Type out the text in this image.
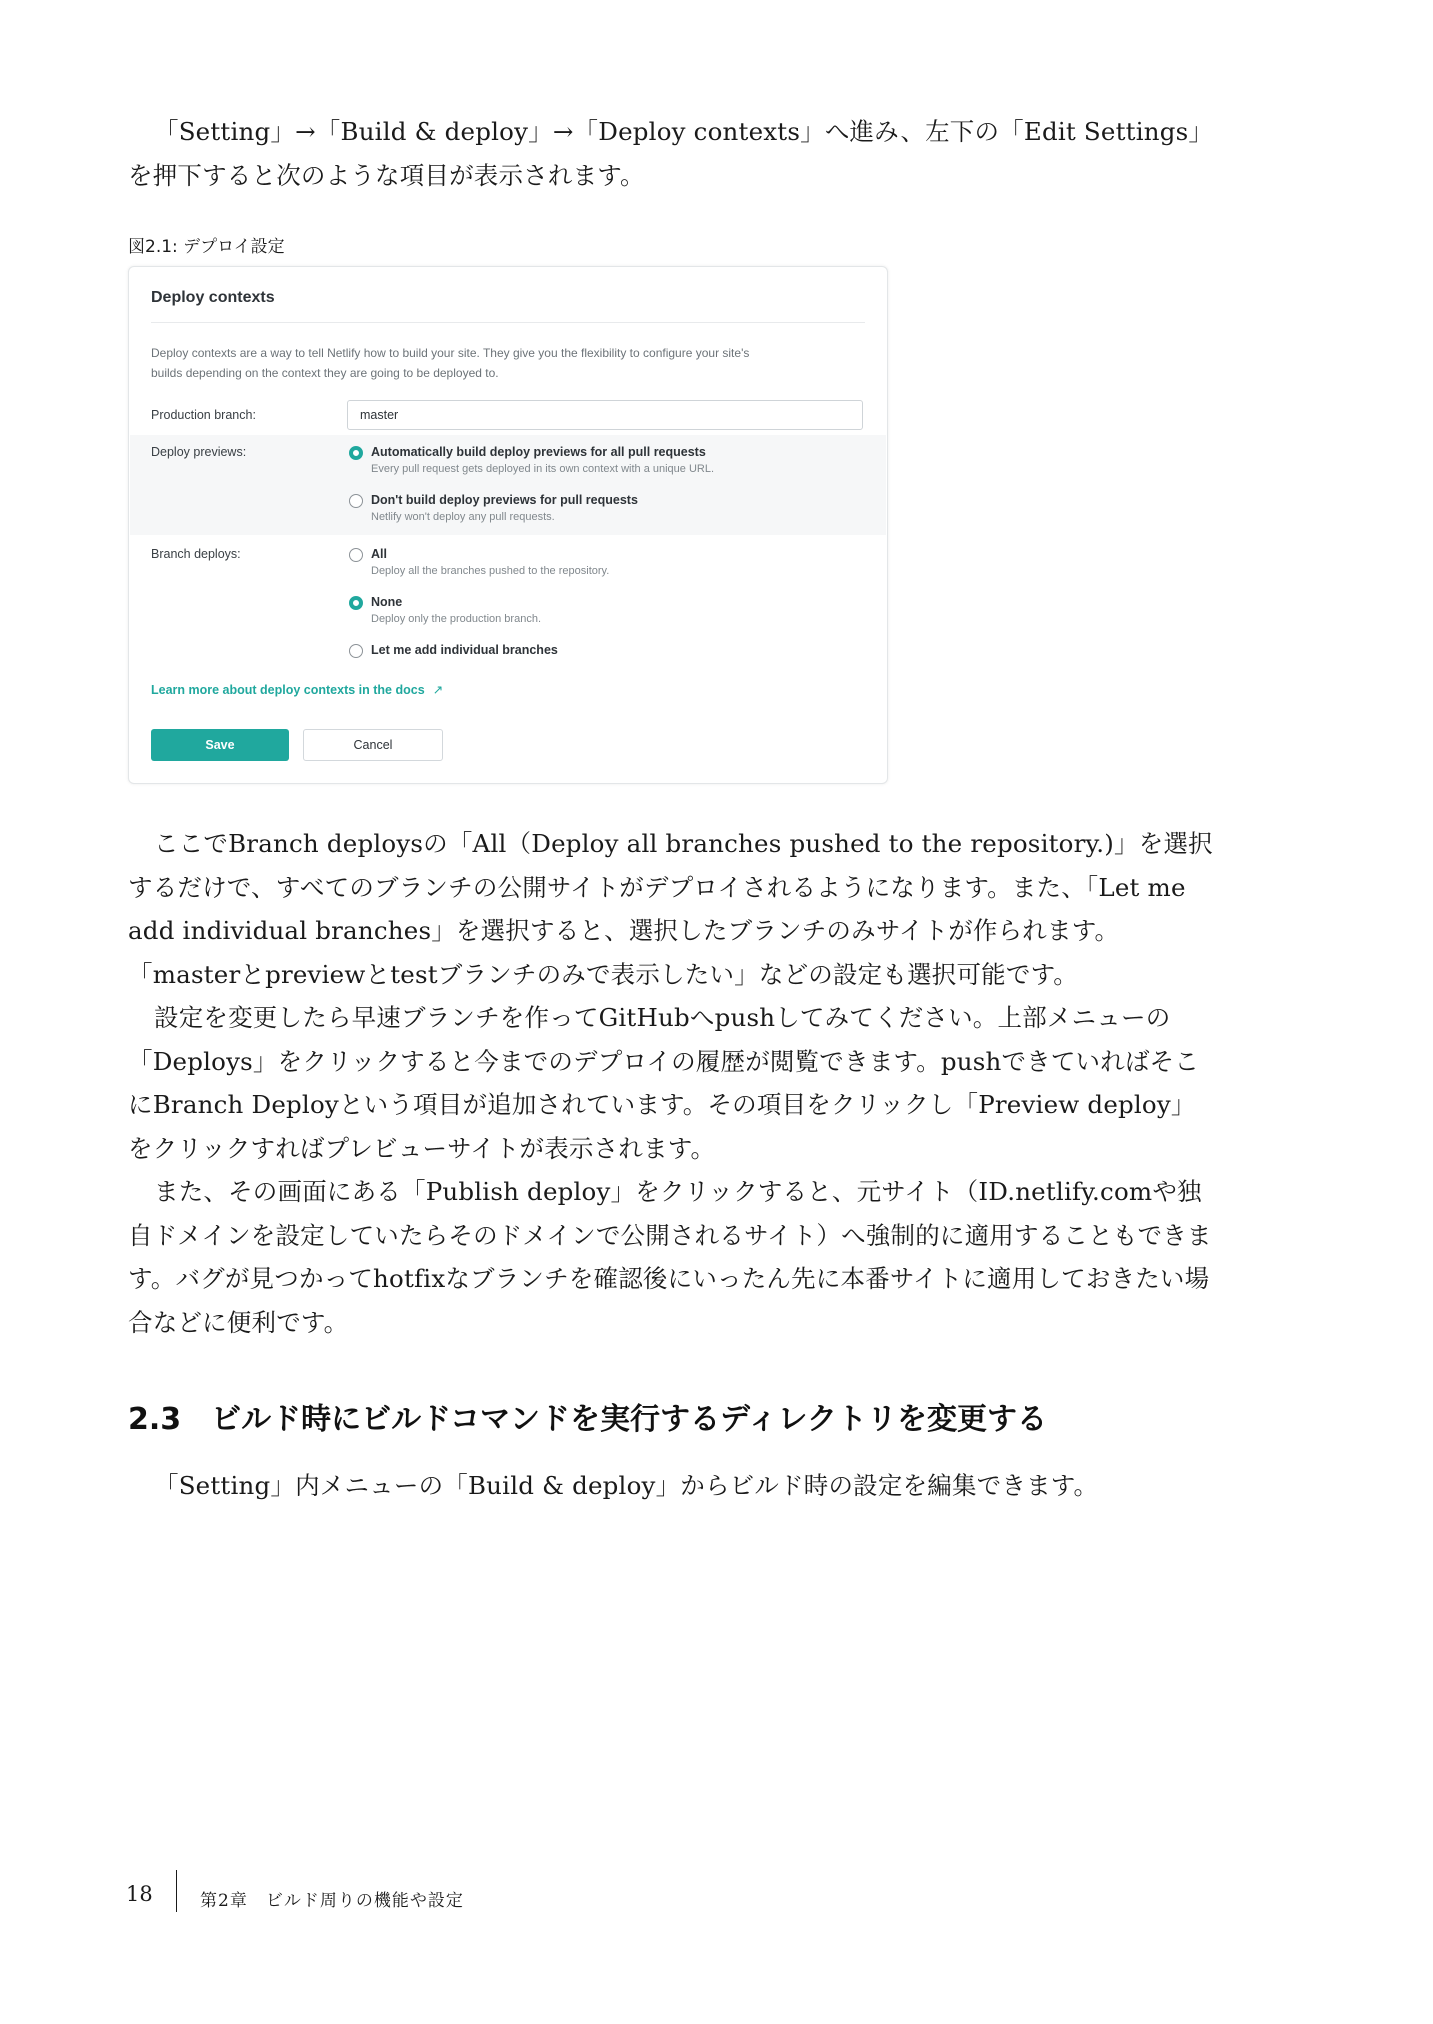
「Setting」→「Build & deploy」→「Deploy contexts」へ進み、左下の「Edit Settings」を押下すると次のような項目が表示されます。

図2.1: デプロイ設定
Deploy contexts
Deploy contexts are a way to tell Netlify how to build your site. They give you the flexibility to configure your site's builds depending on the context they are going to be deployed to.
Production branch:	master
Deploy previews:	Automatically build deploy previews for all pull requests
Every pull request gets deployed in its own context with a unique URL.
Don't build deploy previews for pull requests
Netlify won't deploy any pull requests.
Branch deploys:	All
Deploy all the branches pushed to the repository.
None
Deploy only the production branch.
Let me add individual branches
Learn more about deploy contexts in the docs ↗
Save	Cancel

ここでBranch deploysの「All（Deploy all branches pushed to the repository.)」を選択するだけで、すべてのブランチの公開サイトがデプロイされるようになります。また、「Let me add individual branches」を選択すると、選択したブランチのみサイトが作られます。「masterとpreviewとtestブランチのみで表示したい」などの設定も選択可能です。

設定を変更したら早速ブランチを作ってGitHubへpushしてみてください。上部メニューの「Deploys」をクリックすると今までのデプロイの履歴が閲覧できます。pushできていればそこにBranch Deployという項目が追加されています。その項目をクリックし「Preview deploy」をクリックすればプレビューサイトが表示されます。

また、その画面にある「Publish deploy」をクリックすると、元サイト（ID.netlify.comや独自ドメインを設定していたらそのドメインで公開されるサイト）へ強制的に適用することもできます。バグが見つかってhotfixなブランチを確認後にいったん先に本番サイトに適用しておきたい場合などに便利です。

2.3 ビルド時にビルドコマンドを実行するディレクトリを変更する

「Setting」内メニューの「Build & deploy」からビルド時の設定を編集できます。

18	第2章　ビルド周りの機能や設定
